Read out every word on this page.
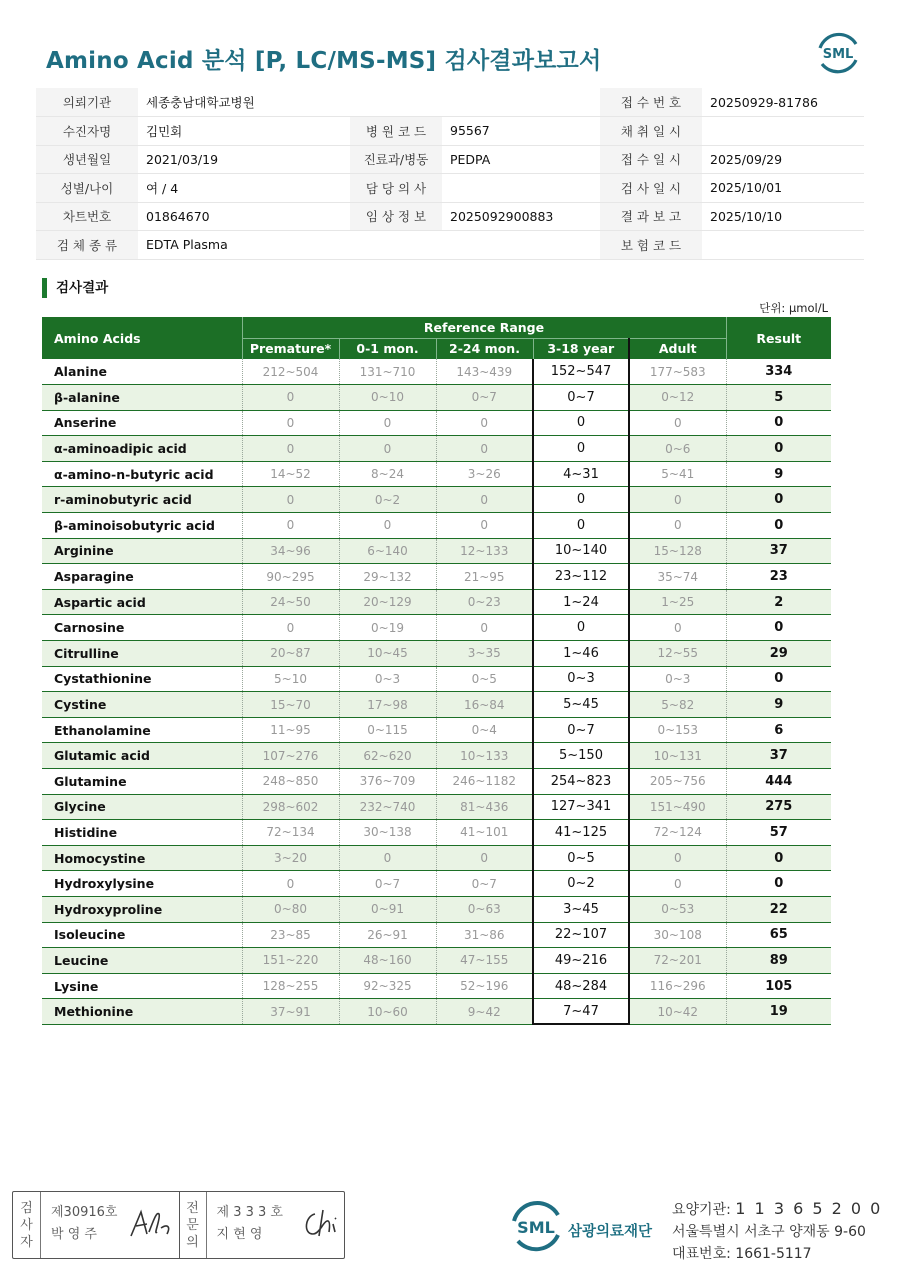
Amino Acid 분석 [P, LC/MS-MS] 검사결과보고서	SML
의뢰기관	세종충남대학교병원			접 수 번 호	20250929-81786
수진자명	김민회	병 원 코 드	95567	채 취 일 시	
생년월일	2021/03/19	진료과/병동	PEDPA	접 수 일 시	2025/09/29
성별/나이	여 / 4	담 당 의 사		검 사 일 시	2025/10/01
차트번호	01864670	임 상 정 보	2025092900883	결 과 보 고	2025/10/10
검 체 종 류	EDTA Plasma			보 험 코 드	
검사결과
단위: μmol/L
Amino Acids	Reference Range					Result
	Premature*	0-1 mon.	2-24 mon.	3-18 year	Adult	
Alanine	212~504	131~710	143~439	152~547	177~583	334
β-alanine	0	0~10	0~7	0~7	0~12	5
Anserine	0	0	0	0	0	0
α-aminoadipic acid	0	0	0	0	0~6	0
α-amino-n-butyric acid	14~52	8~24	3~26	4~31	5~41	9
r-aminobutyric acid	0	0~2	0	0	0	0
β-aminoisobutyric acid	0	0	0	0	0	0
Arginine	34~96	6~140	12~133	10~140	15~128	37
Asparagine	90~295	29~132	21~95	23~112	35~74	23
Aspartic acid	24~50	20~129	0~23	1~24	1~25	2
Carnosine	0	0~19	0	0	0	0
Citrulline	20~87	10~45	3~35	1~46	12~55	29
Cystathionine	5~10	0~3	0~5	0~3	0~3	0
Cystine	15~70	17~98	16~84	5~45	5~82	9
Ethanolamine	11~95	0~115	0~4	0~7	0~153	6
Glutamic acid	107~276	62~620	10~133	5~150	10~131	37
Glutamine	248~850	376~709	246~1182	254~823	205~756	444
Glycine	298~602	232~740	81~436	127~341	151~490	275
Histidine	72~134	30~138	41~101	41~125	72~124	57
Homocystine	3~20	0	0	0~5	0	0
Hydroxylysine	0	0~7	0~7	0~2	0	0
Hydroxyproline	0~80	0~91	0~63	3~45	0~53	22
Isoleucine	23~85	26~91	31~86	22~107	30~108	65
Leucine	151~220	48~160	47~155	49~216	72~201	89
Lysine	128~255	92~325	52~196	48~284	116~296	105
Methionine	37~91	10~60	9~42	7~47	10~42	19
검
사
자
제30916호
박 영 주
전
문
의
제 3 3 3 호
지 현 영	SML 삼광의료재단
요양기관: 1 1 3 6 5 2 0 0
서울특별시 서초구 양재동 9-60
대표번호: 1661-5117
